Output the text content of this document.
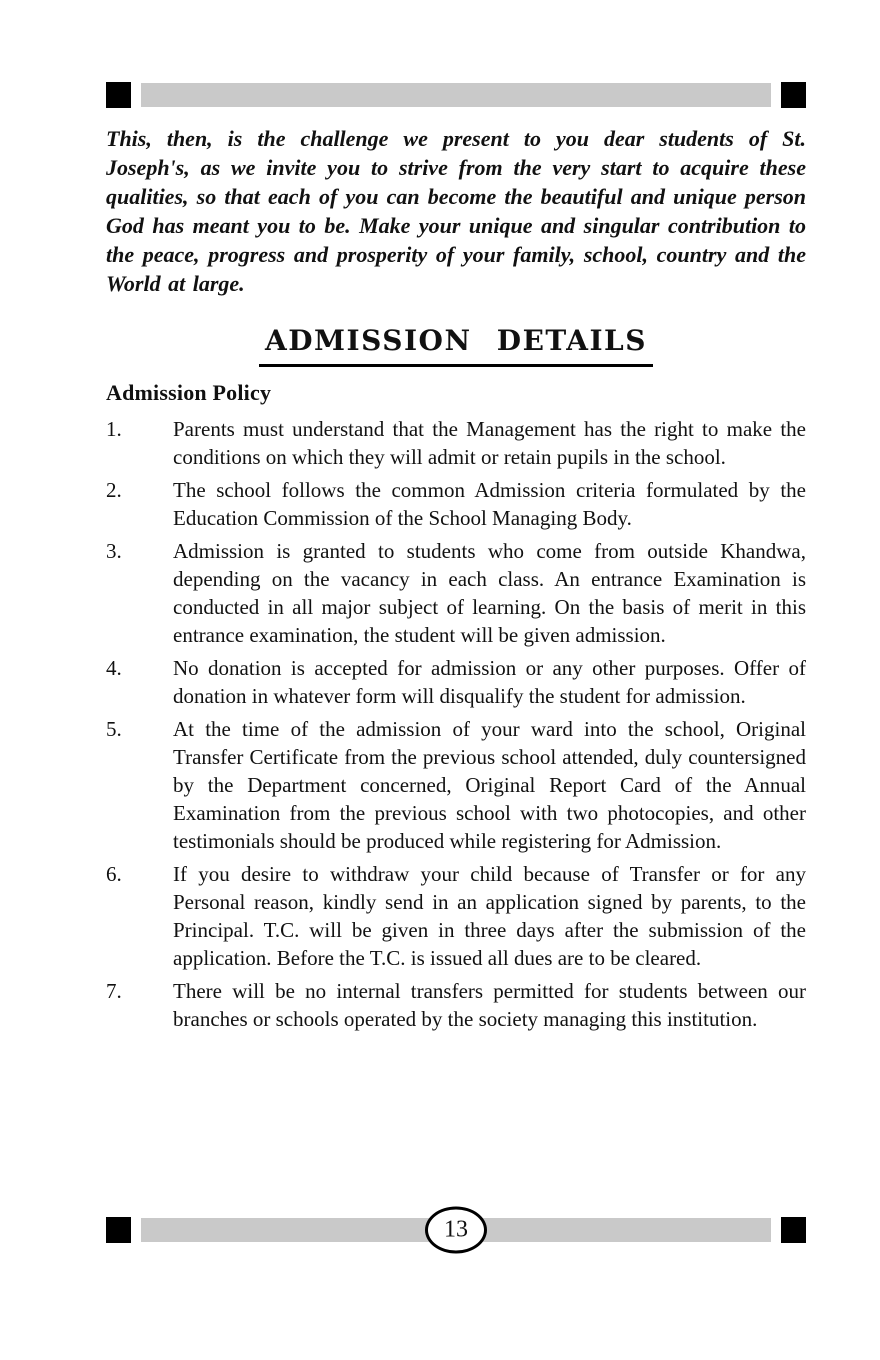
This, then, is the challenge we present to you dear students of St. Joseph's, as we invite you to strive from the very start to acquire these qualities, so that each of you can become the beautiful and unique person God has meant you to be. Make your unique and singular contribution to the peace, progress and prosperity of your family, school, country and the World at large.

ADMISSION DETAILS
Admission Policy
1.	Parents must understand that the Management has the right to make the conditions on which they will admit or retain pupils in the school.
2.	The school follows the common Admission criteria formulated by the Education Commission of the School Managing Body.
3.	Admission is granted to students who come from outside Khandwa, depending on the vacancy in each class. An entrance Examination is conducted in all major subject of learning. On the basis of merit in this entrance examination, the student will be given admission.
4.	No donation is accepted for admission or any other purposes. Offer of donation in whatever form will disqualify the student for admission.
5.	At the time of the admission of your ward into the school, Original Transfer Certificate from the previous school attended, duly countersigned by the Department concerned, Original Report Card of the Annual Examination from the previous school with two photocopies, and other testimonials should be produced while registering for Admission.
6.	If you desire to withdraw your child because of Transfer or for any Personal reason, kindly send in an application signed by parents, to the Principal. T.C. will be given in three days after the submission of the application. Before the T.C. is issued all dues are to be cleared.
7.	There will be no internal transfers permitted for students between our branches or schools operated by the society managing this institution.
13
